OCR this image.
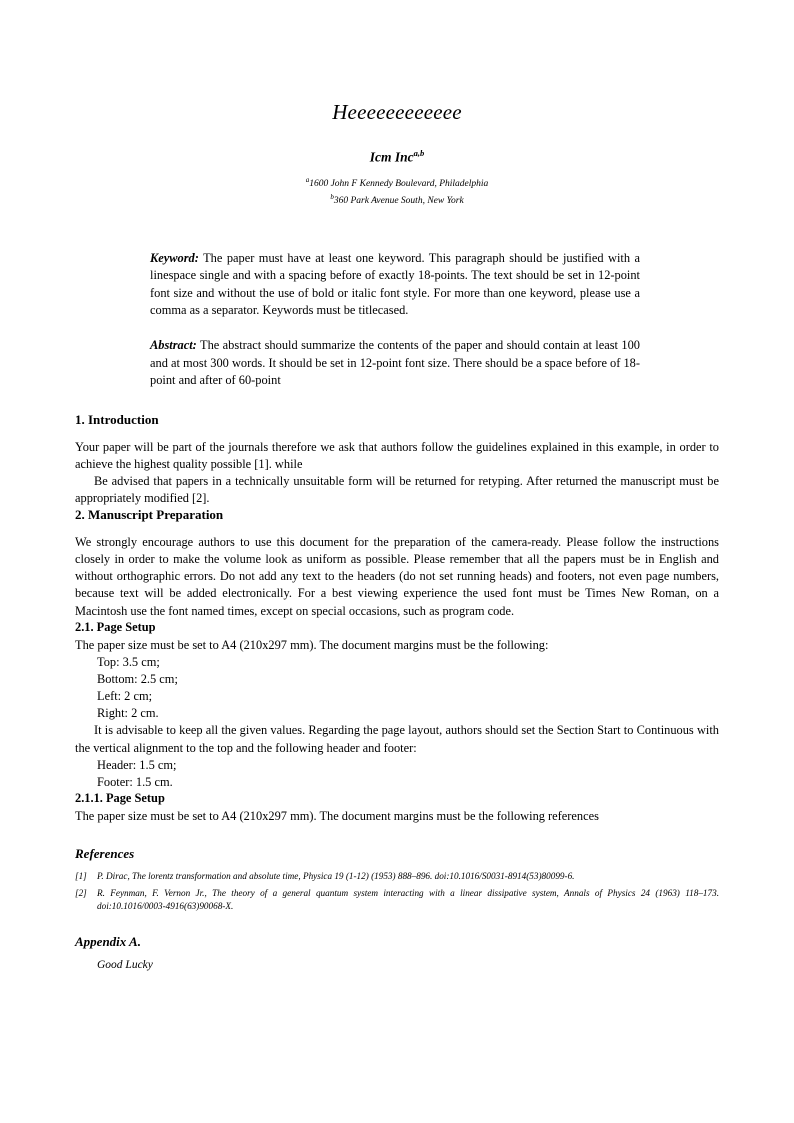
Heeeeeeeeeeee
Icm Inc$^{a,b}$
$^a$1600 John F Kennedy Boulevard, Philadelphia
$^b$360 Park Avenue South, New York

Keyword: The paper must have at least one keyword. This paragraph should be justified with a linespace single and with a spacing before of exactly 18-points. The text should be set in 12-point font size and without the use of bold or italic font style. For more than one keyword, please use a comma as a separator. Keywords must be titlecased.

Abstract: The abstract should summarize the contents of the paper and should contain at least 100 and at most 300 words. It should be set in 12-point font size. There should be a space before of 18-point and after of 60-point

1. Introduction

Your paper will be part of the journals therefore we ask that authors follow the guidelines explained in this example, in order to achieve the highest quality possible [1]. while

Be advised that papers in a technically unsuitable form will be returned for retyping. After returned the manuscript must be appropriately modified [2].

2. Manuscript Preparation

We strongly encourage authors to use this document for the preparation of the camera-ready. Please follow the instructions closely in order to make the volume look as uniform as possible. Please remember that all the papers must be in English and without orthographic errors. Do not add any text to the headers (do not set running heads) and footers, not even page numbers, because text will be added electronically. For a best viewing experience the used font must be Times New Roman, on a Macintosh use the font named times, except on special occasions, such as program code.

2.1. Page Setup

The paper size must be set to A4 (210x297 mm). The document margins must be the following:

Top: 3.5 cm;
Bottom: 2.5 cm;
Left: 2 cm;
Right: 2 cm.

It is advisable to keep all the given values. Regarding the page layout, authors should set the Section Start to Continuous with the vertical alignment to the top and the following header and footer:

Header: 1.5 cm;
Footer: 1.5 cm.
2.1.1. Page Setup

The paper size must be set to A4 (210x297 mm). The document margins must be the following references

References
[1] P. Dirac, The lorentz transformation and absolute time, Physica 19 (1-12) (1953) 888–896. doi:10.1016/S0031-8914(53)80099-6.
[2] R. Feynman, F. Vernon Jr., The theory of a general quantum system interacting with a linear dissipative system, Annals of Physics 24 (1963) 118–173. doi:10.1016/0003-4916(63)90068-X.
Appendix A.

Good Lucky
